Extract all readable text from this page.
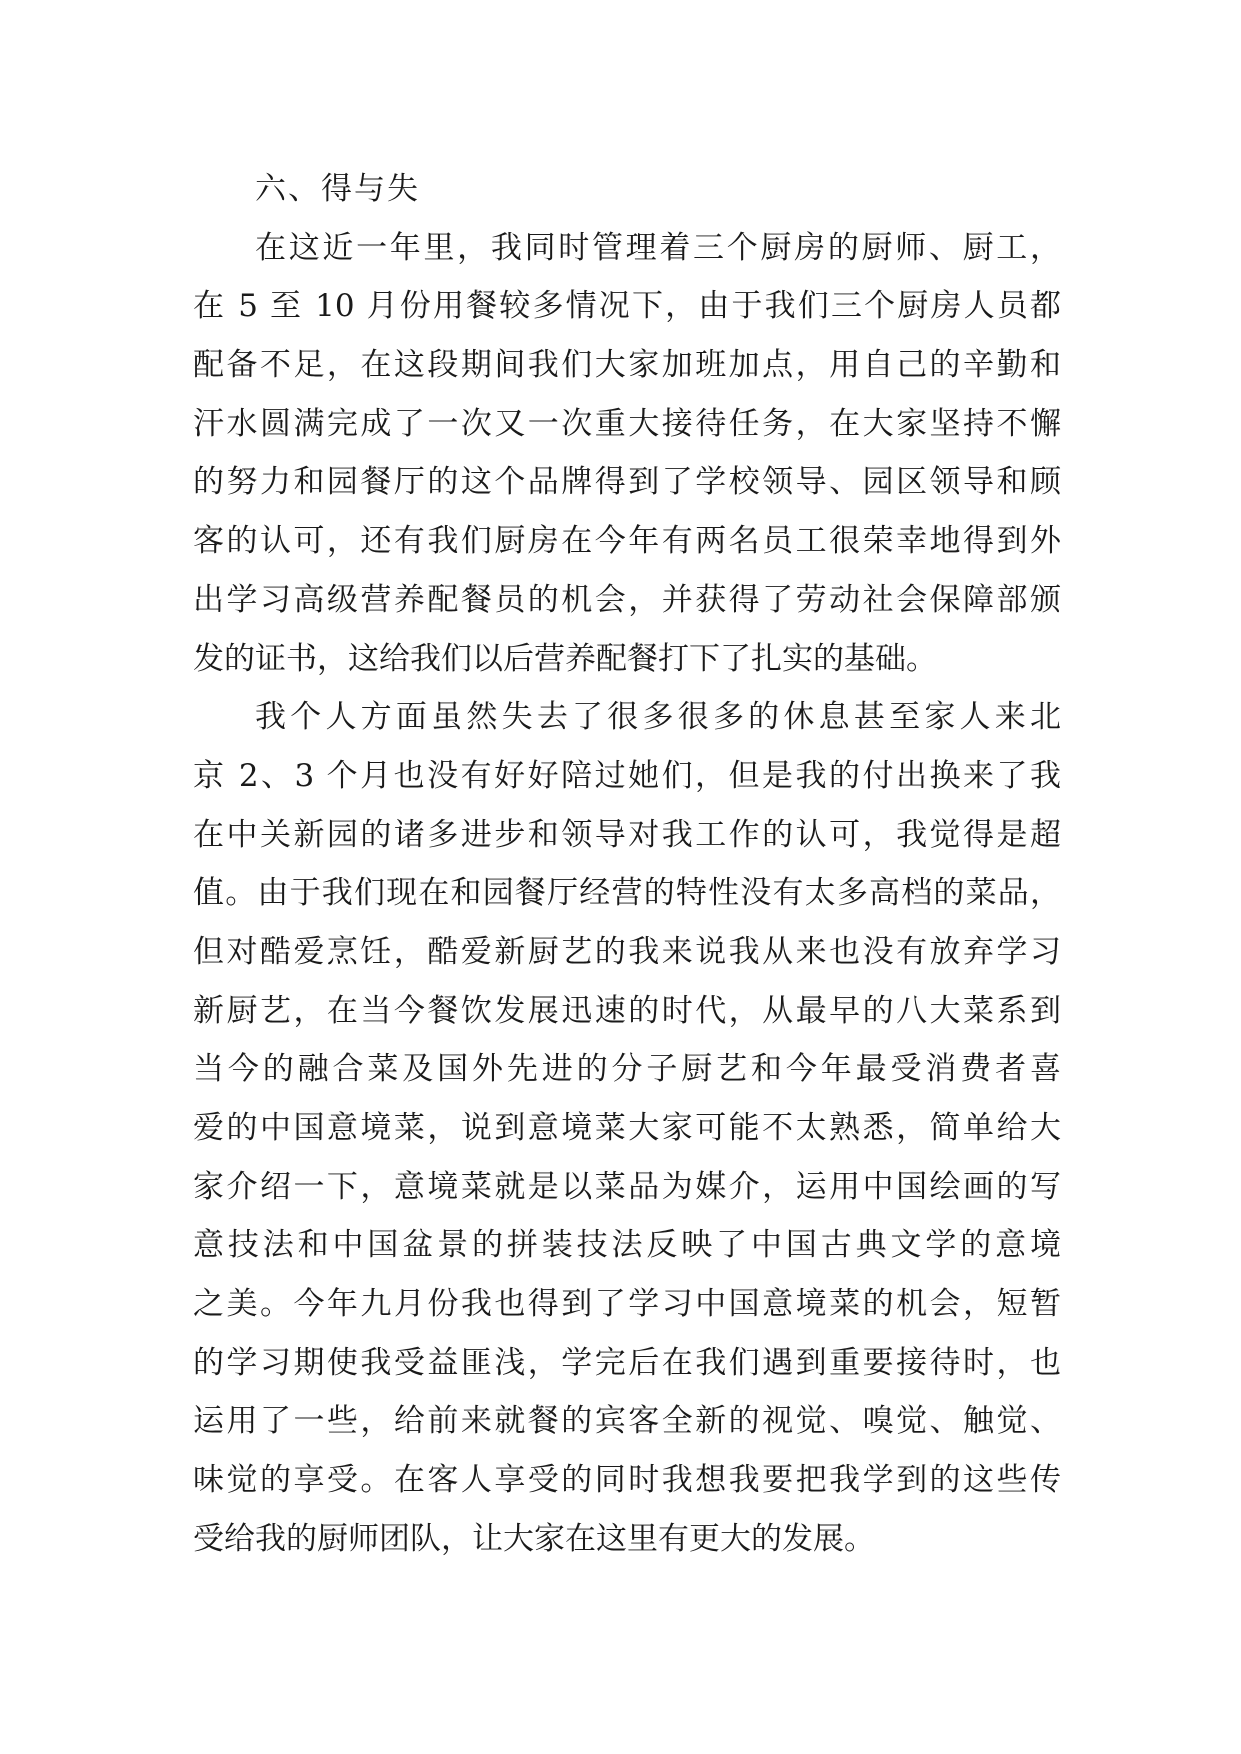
六、得与失
在这近一年里，我同时管理着三个厨房的厨师、厨工，
在 5 至 10 月份用餐较多情况下，由于我们三个厨房人员都
配备不足，在这段期间我们大家加班加点，用自己的辛勤和
汗水圆满完成了一次又一次重大接待任务，在大家坚持不懈
的努力和园餐厅的这个品牌得到了学校领导、园区领导和顾
客的认可，还有我们厨房在今年有两名员工很荣幸地得到外
出学习高级营养配餐员的机会，并获得了劳动社会保障部颁
发的证书，这给我们以后营养配餐打下了扎实的基础。
我个人方面虽然失去了很多很多的休息甚至家人来北
京 2、3 个月也没有好好陪过她们，但是我的付出换来了我
在中关新园的诸多进步和领导对我工作的认可，我觉得是超
值。由于我们现在和园餐厅经营的特性没有太多高档的菜品，
但对酷爱烹饪，酷爱新厨艺的我来说我从来也没有放弃学习
新厨艺，在当今餐饮发展迅速的时代，从最早的八大菜系到
当今的融合菜及国外先进的分子厨艺和今年最受消费者喜
爱的中国意境菜，说到意境菜大家可能不太熟悉，简单给大
家介绍一下，意境菜就是以菜品为媒介，运用中国绘画的写
意技法和中国盆景的拼装技法反映了中国古典文学的意境
之美。今年九月份我也得到了学习中国意境菜的机会，短暂
的学习期使我受益匪浅，学完后在我们遇到重要接待时，也
运用了一些，给前来就餐的宾客全新的视觉、嗅觉、触觉、
味觉的享受。在客人享受的同时我想我要把我学到的这些传
受给我的厨师团队，让大家在这里有更大的发展。
